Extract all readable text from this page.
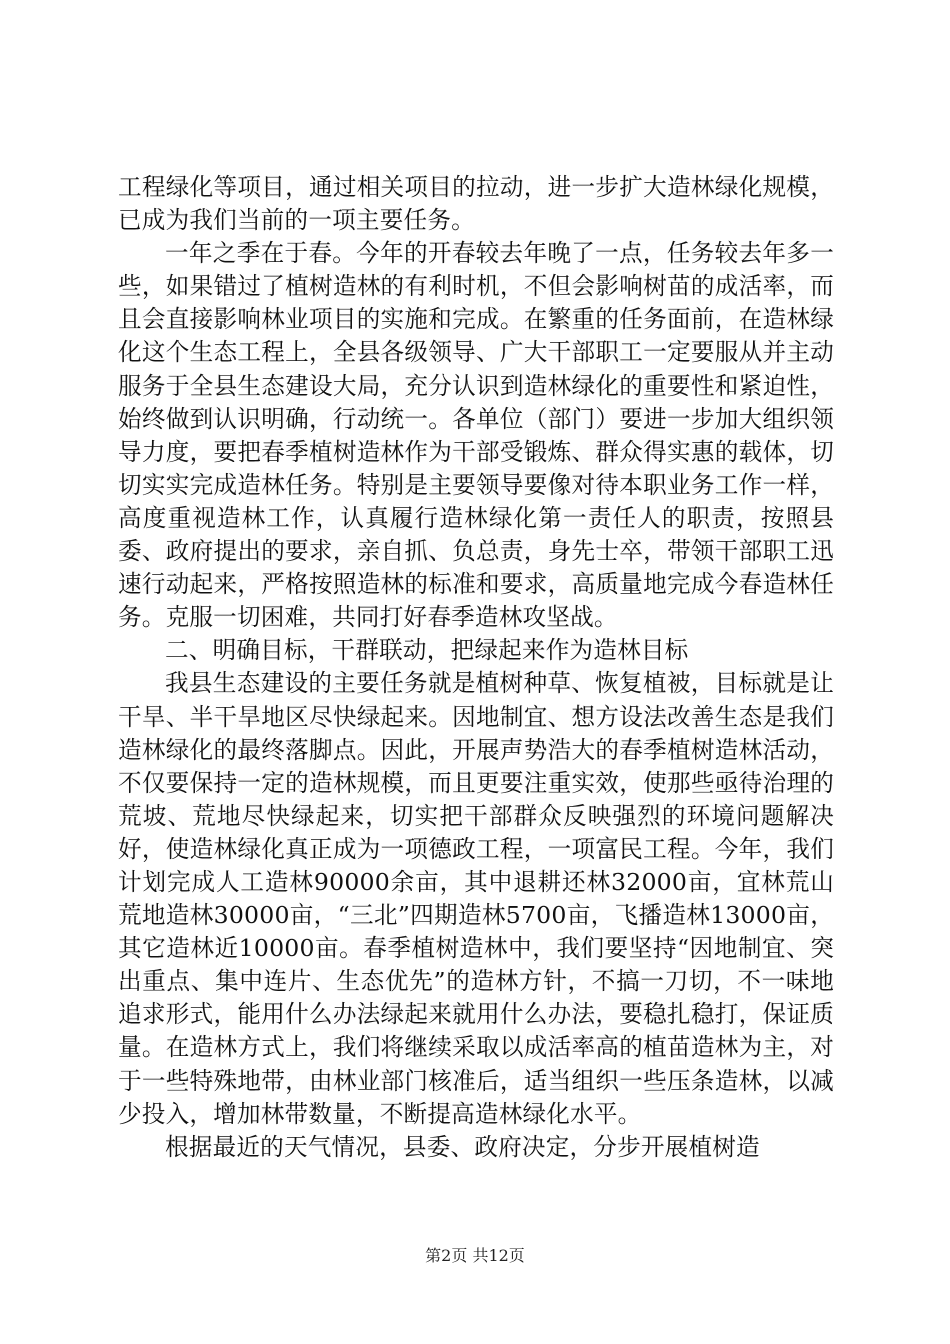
工程绿化等项目，通过相关项目的拉动，进一步扩大造林绿化规模，已成为我们当前的一项主要任务。

一年之季在于春。今年的开春较去年晚了一点，任务较去年多一些，如果错过了植树造林的有利时机，不但会影响树苗的成活率，而且会直接影响林业项目的实施和完成。在繁重的任务面前，在造林绿化这个生态工程上，全县各级领导、广大干部职工一定要服从并主动服务于全县生态建设大局，充分认识到造林绿化的重要性和紧迫性，始终做到认识明确，行动统一。各单位（部门）要进一步加大组织领导力度，要把春季植树造林作为干部受锻炼、群众得实惠的载体，切切实实完成造林任务。特别是主要领导要像对待本职业务工作一样，高度重视造林工作，认真履行造林绿化第一责任人的职责，按照县委、政府提出的要求，亲自抓、负总责，身先士卒，带领干部职工迅速行动起来，严格按照造林的标准和要求，高质量地完成今春造林任务。克服一切困难，共同打好春季造林攻坚战。

二、明确目标，干群联动，把绿起来作为造林目标

我县生态建设的主要任务就是植树种草、恢复植被，目标就是让干旱、半干旱地区尽快绿起来。因地制宜、想方设法改善生态是我们造林绿化的最终落脚点。因此，开展声势浩大的春季植树造林活动，不仅要保持一定的造林规模，而且更要注重实效，使那些亟待治理的荒坡、荒地尽快绿起来，切实把干部群众反映强烈的环境问题解决好，使造林绿化真正成为一项德政工程，一项富民工程。今年，我们计划完成人工造林90000余亩，其中退耕还林32000亩，宜林荒山荒地造林30000亩，“三北”四期造林5700亩，飞播造林13000亩，其它造林近10000亩。春季植树造林中，我们要坚持“因地制宜、突出重点、集中连片、生态优先”的造林方针，不搞一刀切，不一味地追求形式，能用什么办法绿起来就用什么办法，要稳扎稳打，保证质量。在造林方式上，我们将继续采取以成活率高的植苗造林为主，对于一些特殊地带，由林业部门核准后，适当组织一些压条造林，以减少投入，增加林带数量，不断提高造林绿化水平。

根据最近的天气情况，县委、政府决定，分步开展植树造

第2页 共12页
